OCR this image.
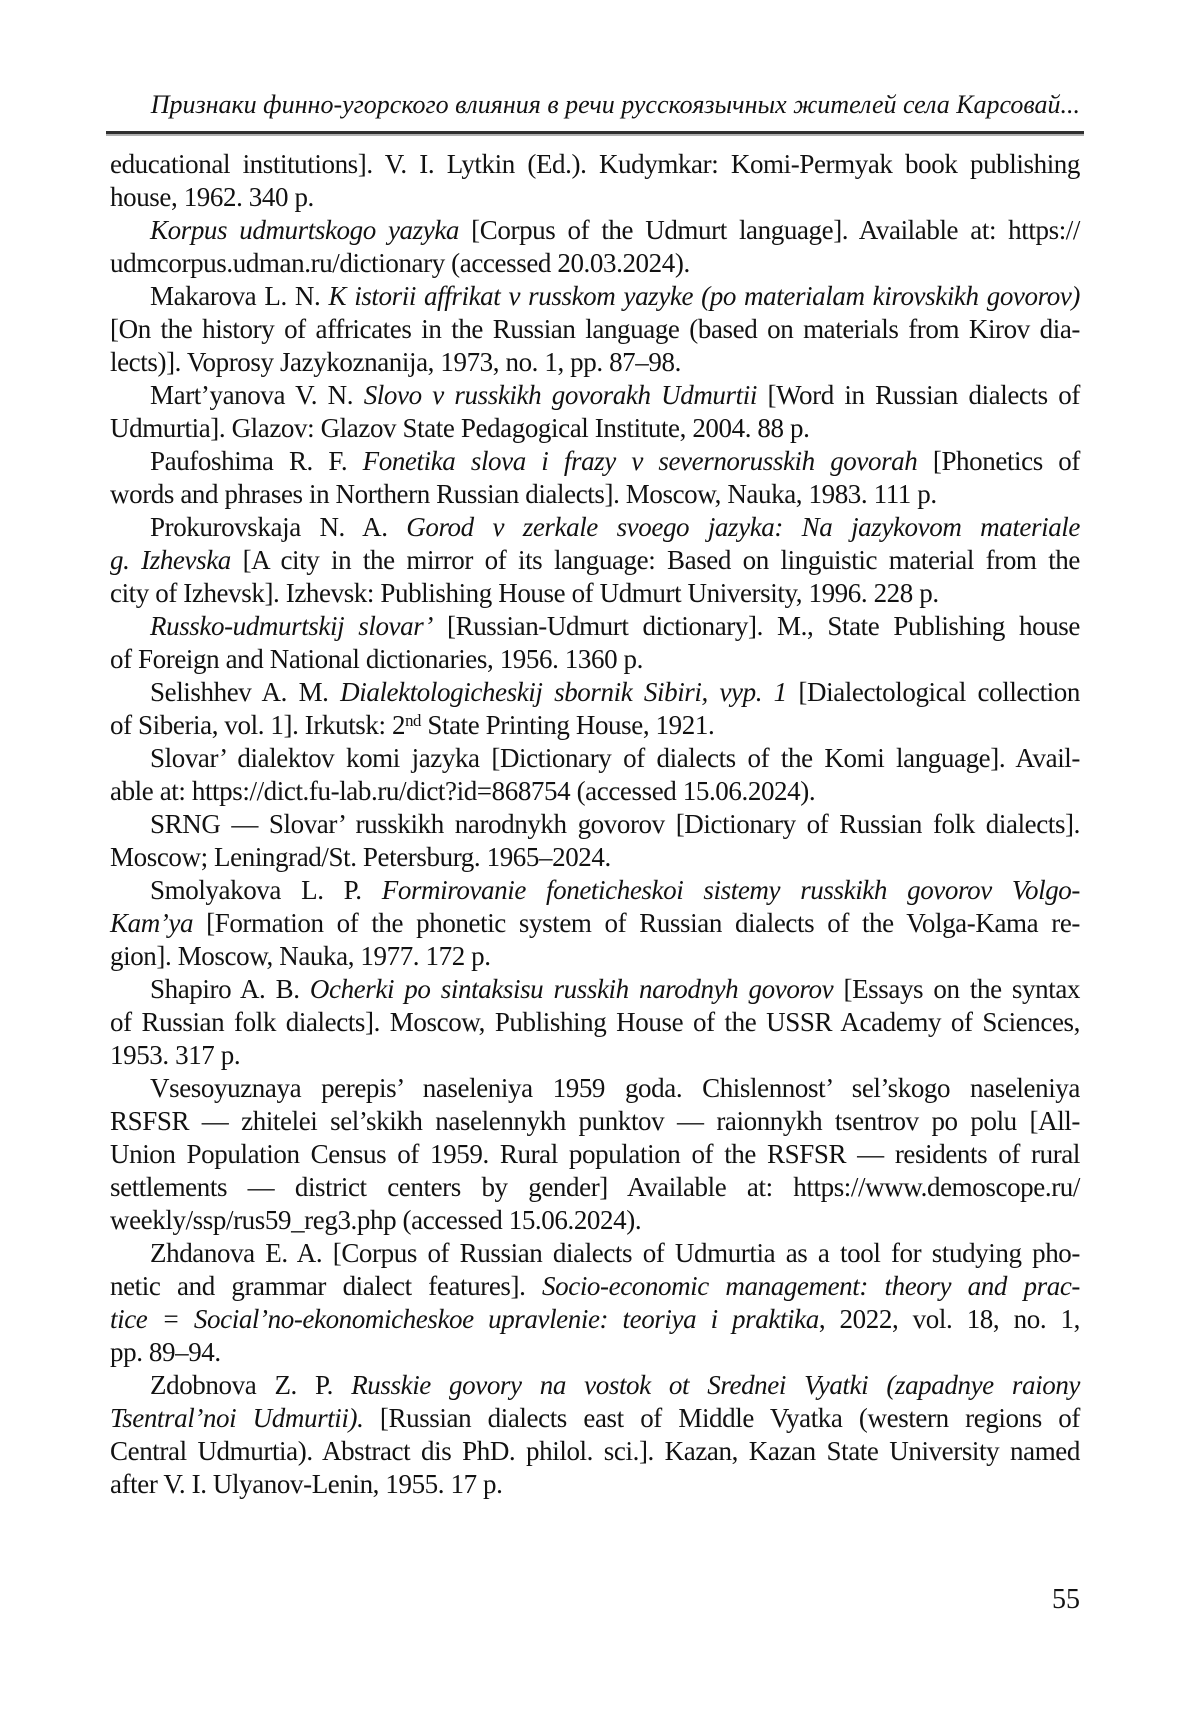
Признаки финно-угорского влияния в речи русскоязычных жителей села Карсовай...
educational institutions]. V. I. Lytkin (Ed.). Kudymkar: Komi-Permyak book publishing
house, 1962. 340 p.
Korpus udmurtskogo yazyka [Corpus of the Udmurt language]. Available at: https://
udmcorpus.udman.ru/dictionary (accessed 20.03.2024).
Makarova L. N. K istorii affrikat v russkom yazyke (po materialam kirovskikh govorov)
[On the history of affricates in the Russian language (based on materials from Kirov dia-
lects)]. Voprosy Jazykoznanija, 1973, no. 1, pp. 87–98.
Mart’yanova V. N. Slovo v russkikh govorakh Udmurtii [Word in Russian dialects of
Udmurtia]. Glazov: Glazov State Pedagogical Institute, 2004. 88 p.
Paufoshima R. F. Fonetika slova i frazy v severnorusskih govorah [Phonetics of
words and phrases in Northern Russian dialects]. Moscow, Nauka, 1983. 111 p.
Prokurovskaja N. A. Gorod v zerkale svoego jazyka: Na jazykovom materiale
g. Izhevska [A city in the mirror of its language: Based on linguistic material from the
city of Izhevsk]. Izhevsk: Publishing House of Udmurt University, 1996. 228 p.
Russko-udmurtskij slovar’ [Russian-Udmurt dictionary]. M., State Publishing house
of Foreign and National dictionaries, 1956. 1360 p.
Selishhev A. M. Dialektologicheskij sbornik Sibiri, vyp. 1 [Dialectological collection
of Siberia, vol. 1]. Irkutsk: 2nd State Printing House, 1921.
Slovar’ dialektov komi jazyka [Dictionary of dialects of the Komi language]. Avail-
able at: https://dict.fu-lab.ru/dict?id=868754 (accessed 15.06.2024).
SRNG — Slovar’ russkikh narodnykh govorov [Dictionary of Russian folk dialects].
Moscow; Leningrad/St. Petersburg. 1965–2024.
Smolyakova L. P. Formirovanie foneticheskoi sistemy russkikh govorov Volgo-
Kam’ya [Formation of the phonetic system of Russian dialects of the Volga-Kama re-
gion]. Moscow, Nauka, 1977. 172 p.
Shapiro A. B. Ocherki po sintaksisu russkih narodnyh govorov [Essays on the syntax
of Russian folk dialects]. Moscow, Publishing House of the USSR Academy of Sciences,
1953. 317 p.
Vsesoyuznaya perepis’ naseleniya 1959 goda. Chislennost’ sel’skogo naseleniya
RSFSR — zhitelei sel’skikh naselennykh punktov — raionnykh tsentrov po polu [All-
Union Population Census of 1959. Rural population of the RSFSR — residents of rural
settlements — district centers by gender] Available at: https://www.demoscope.ru/
weekly/ssp/rus59_reg3.php (accessed 15.06.2024).
Zhdanova E. A. [Corpus of Russian dialects of Udmurtia as a tool for studying pho-
netic and grammar dialect features]. Socio-economic management: theory and prac-
tice = Social’no-ekonomicheskoe upravlenie: teoriya i praktika, 2022, vol. 18, no. 1,
pp. 89–94.
Zdobnova Z. P. Russkie govory na vostok ot Srednei Vyatki (zapadnye raiony
Tsentral’noi Udmurtii). [Russian dialects east of Middle Vyatka (western regions of
Central Udmurtia). Abstract dis PhD. philol. sci.]. Kazan, Kazan State University named
after V. I. Ulyanov-Lenin, 1955. 17 p.
55
